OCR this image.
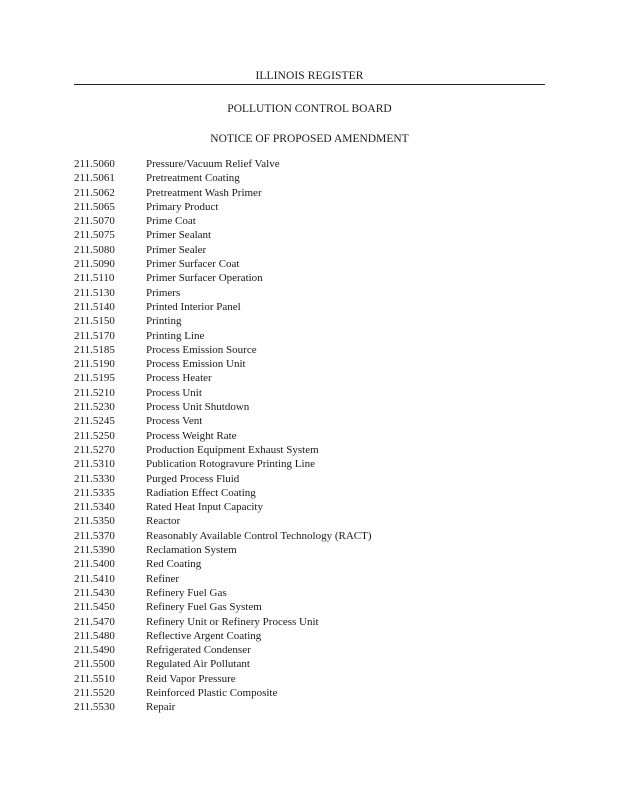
ILLINOIS REGISTER
POLLUTION CONTROL BOARD
NOTICE OF PROPOSED AMENDMENT
211.5060	Pressure/Vacuum Relief Valve
211.5061	Pretreatment Coating
211.5062	Pretreatment Wash Primer
211.5065	Primary Product
211.5070	Prime Coat
211.5075	Primer Sealant
211.5080	Primer Sealer
211.5090	Primer Surfacer Coat
211.5110	Primer Surfacer Operation
211.5130	Primers
211.5140	Printed Interior Panel
211.5150	Printing
211.5170	Printing Line
211.5185	Process Emission Source
211.5190	Process Emission Unit
211.5195	Process Heater
211.5210	Process Unit
211.5230	Process Unit Shutdown
211.5245	Process Vent
211.5250	Process Weight Rate
211.5270	Production Equipment Exhaust System
211.5310	Publication Rotogravure Printing Line
211.5330	Purged Process Fluid
211.5335	Radiation Effect Coating
211.5340	Rated Heat Input Capacity
211.5350	Reactor
211.5370	Reasonably Available Control Technology (RACT)
211.5390	Reclamation System
211.5400	Red Coating
211.5410	Refiner
211.5430	Refinery Fuel Gas
211.5450	Refinery Fuel Gas System
211.5470	Refinery Unit or Refinery Process Unit
211.5480	Reflective Argent Coating
211.5490	Refrigerated Condenser
211.5500	Regulated Air Pollutant
211.5510	Reid Vapor Pressure
211.5520	Reinforced Plastic Composite
211.5530	Repair
